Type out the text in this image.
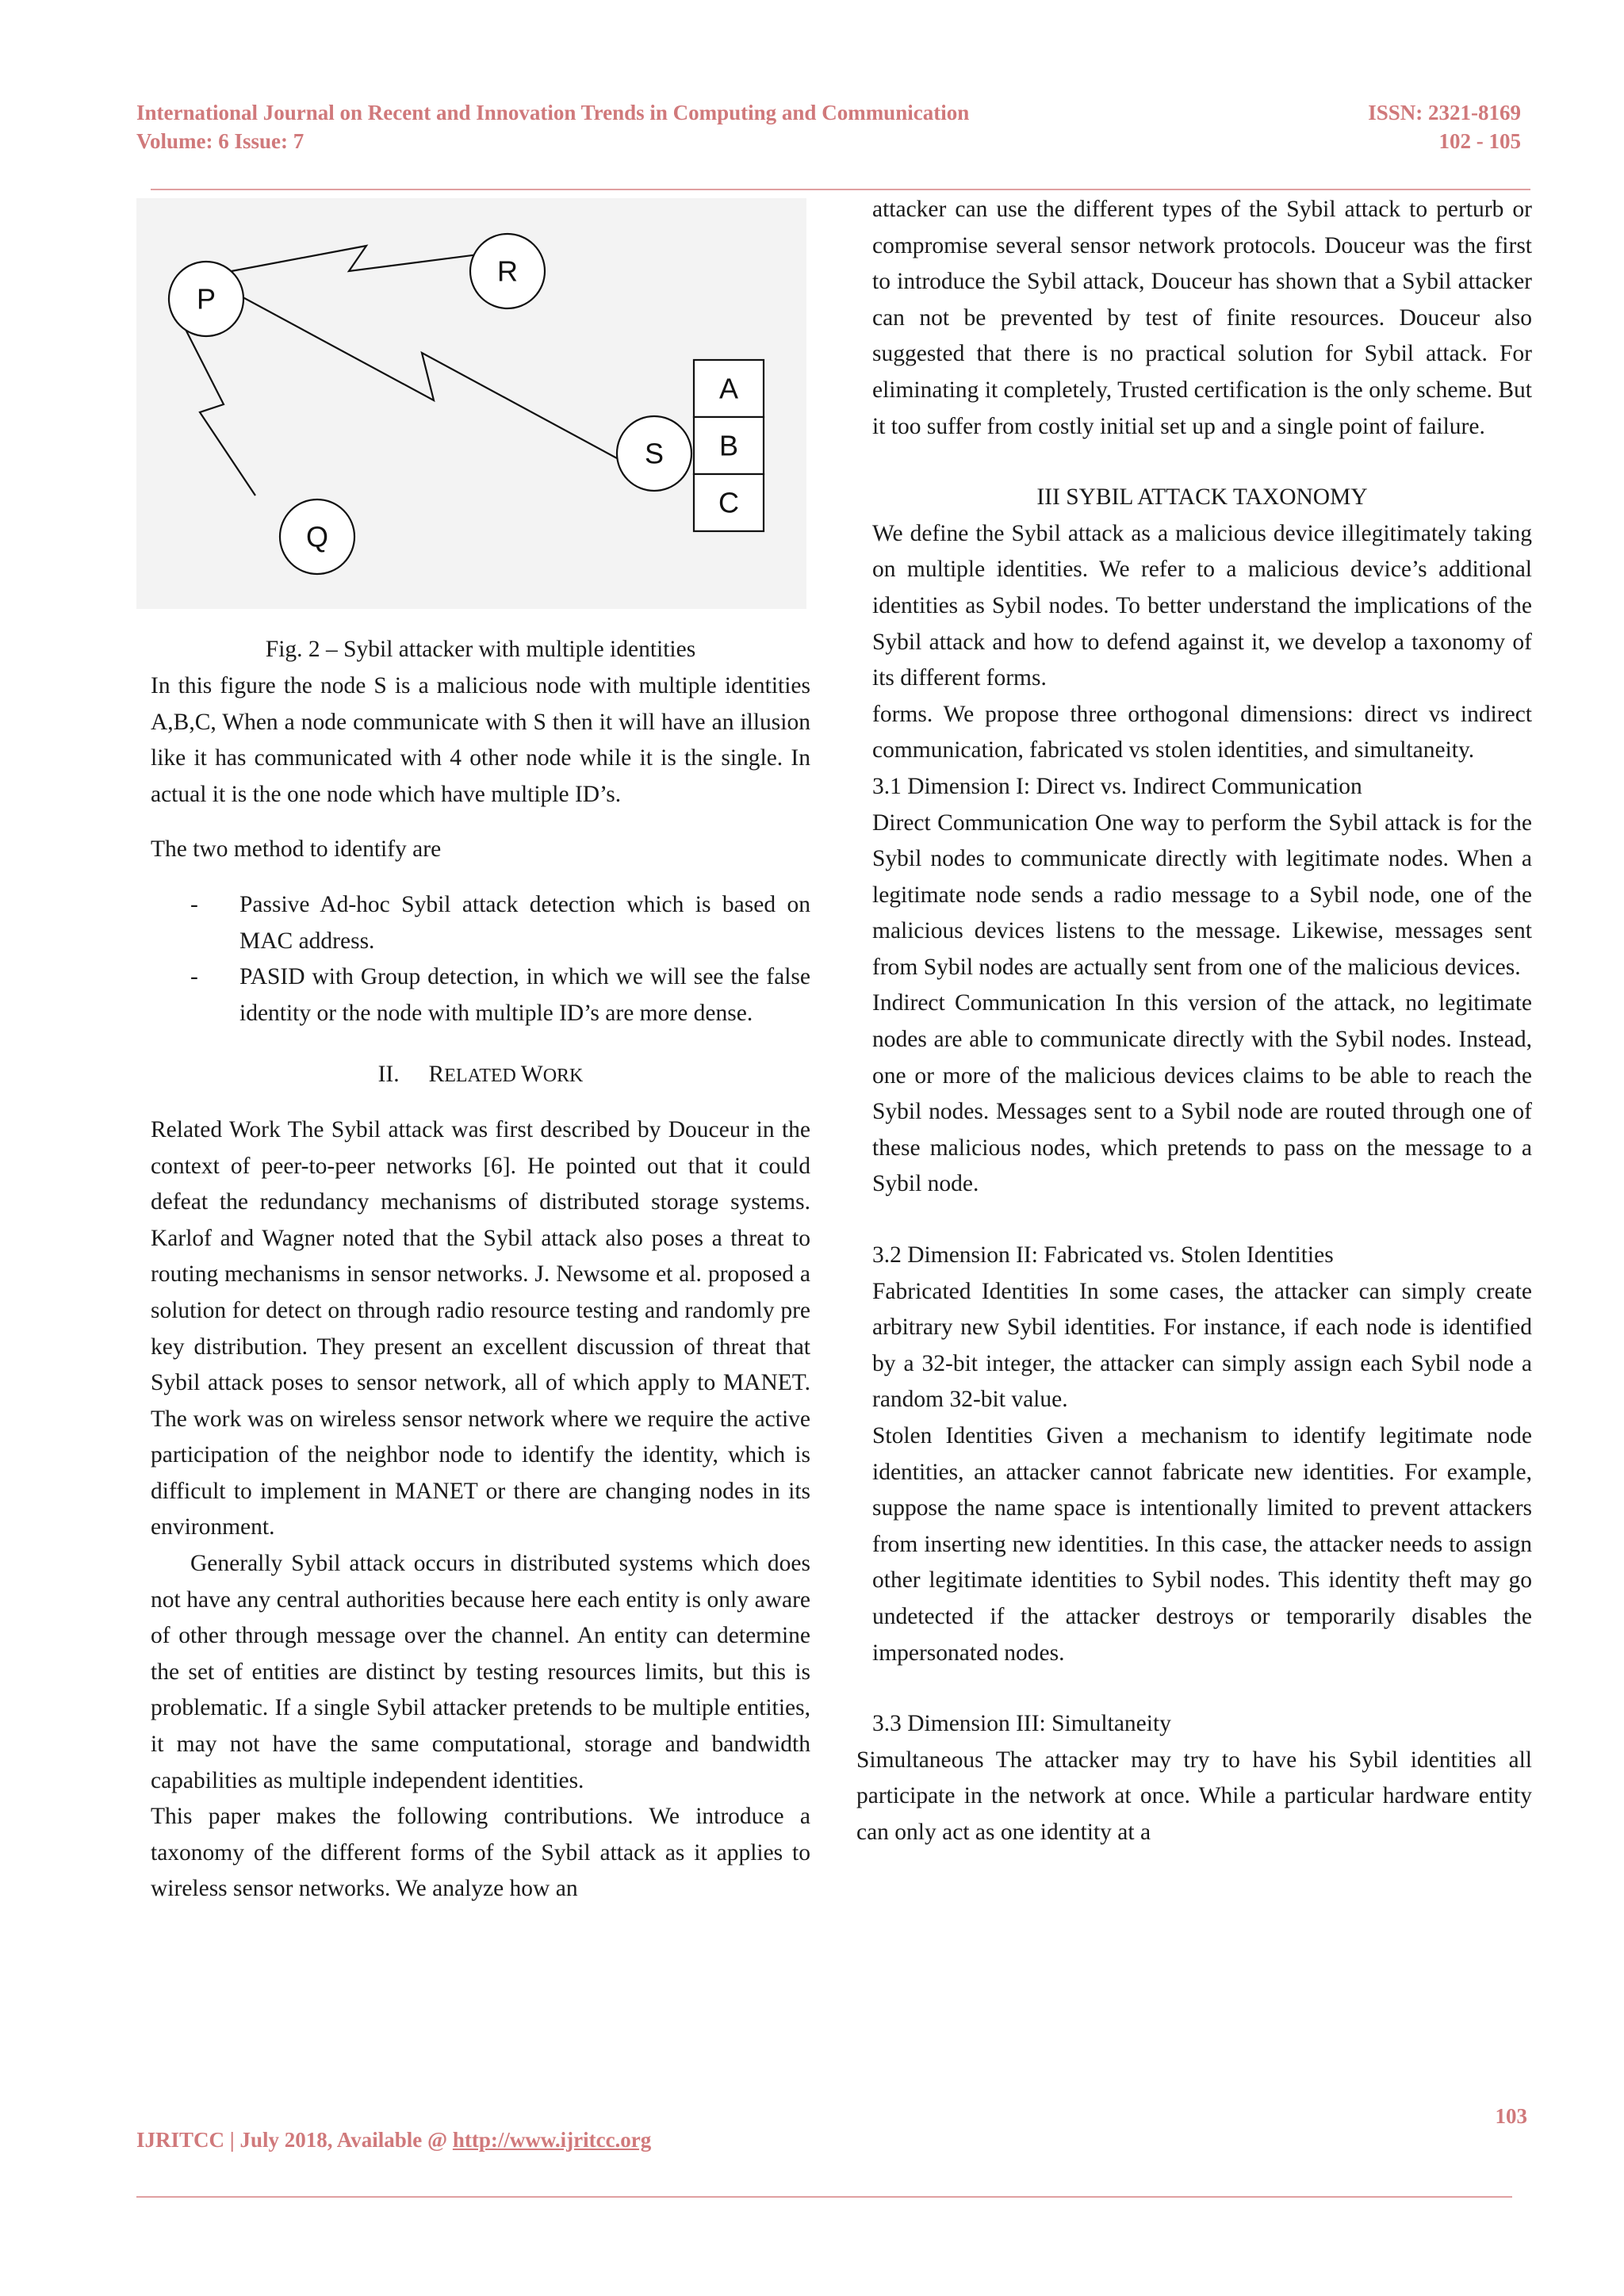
International Journal on Recent and Innovation Trends in Computing and Communication	ISSN: 2321-8169
Volume: 6 Issue: 7	102 - 105
P
R
Q
S
A
B
C
Fig. 2 – Sybil attacker with multiple identities

In this figure the node S is a malicious node with multiple identities A,B,C, When a node communicate with S then it will have an illusion like it has communicated with 4 other node while it is the single. In actual it is the one node which have multiple ID’s.

The two method to identify are

- Passive Ad-hoc Sybil attack detection which is based on MAC address.
- PASID with Group detection, in which we will see the false identity or the node with multiple ID’s are more dense.

II. RELATED WORK

Related Work The Sybil attack was first described by Douceur in the context of peer-to-peer networks [6]. He pointed out that it could defeat the redundancy mechanisms of distributed storage systems. Karlof and Wagner noted that the Sybil attack also poses a threat to routing mechanisms in sensor networks. J. Newsome et al. proposed a solution for detect on through radio resource testing and randomly pre key distribution. They present an excellent discussion of threat that Sybil attack poses to sensor network, all of which apply to MANET. The work was on wireless sensor network where we require the active participation of the neighbor node to identify the identity, which is difficult to implement in MANET or there are changing nodes in its environment.

Generally Sybil attack occurs in distributed systems which does not have any central authorities because here each entity is only aware of other through message over the channel. An entity can determine the set of entities are distinct by testing resources limits, but this is problematic. If a single Sybil attacker pretends to be multiple entities, it may not have the same computational, storage and bandwidth capabilities as multiple independent identities.

This paper makes the following contributions. We introduce a taxonomy of the different forms of the Sybil attack as it applies to wireless sensor networks. We analyze how an

attacker can use the different types of the Sybil attack to perturb or compromise several sensor network protocols. Douceur was the first to introduce the Sybil attack, Douceur has shown that a Sybil attacker can not be prevented by test of finite resources. Douceur also suggested that there is no practical solution for Sybil attack. For eliminating it completely, Trusted certification is the only scheme. But it too suffer from costly initial set up and a single point of failure.

III SYBIL ATTACK TAXONOMY

We define the Sybil attack as a malicious device illegitimately taking on multiple identities. We refer to a malicious device’s additional identities as Sybil nodes. To better understand the implications of the Sybil attack and how to defend against it, we develop a taxonomy of its different forms.

forms. We propose three orthogonal dimensions: direct vs indirect communication, fabricated vs stolen identities, and simultaneity.

3.1 Dimension I: Direct vs. Indirect Communication

Direct Communication One way to perform the Sybil attack is for the Sybil nodes to communicate directly with legitimate nodes. When a legitimate node sends a radio message to a Sybil node, one of the malicious devices listens to the message. Likewise, messages sent from Sybil nodes are actually sent from one of the malicious devices.

Indirect Communication In this version of the attack, no legitimate nodes are able to communicate directly with the Sybil nodes. Instead, one or more of the malicious devices claims to be able to reach the Sybil nodes. Messages sent to a Sybil node are routed through one of these malicious nodes, which pretends to pass on the message to a Sybil node.

3.2 Dimension II: Fabricated vs. Stolen Identities

Fabricated Identities In some cases, the attacker can simply create arbitrary new Sybil identities. For instance, if each node is identified by a 32-bit integer, the attacker can simply assign each Sybil node a random 32-bit value.

Stolen Identities Given a mechanism to identify legitimate node identities, an attacker cannot fabricate new identities. For example, suppose the name space is intentionally limited to prevent attackers from inserting new identities. In this case, the attacker needs to assign other legitimate identities to Sybil nodes. This identity theft may go undetected if the attacker destroys or temporarily disables the impersonated nodes.

3.3 Dimension III: Simultaneity

Simultaneous The attacker may try to have his Sybil identities all participate in the network at once. While a particular hardware entity can only act as one identity at a

103
IJRITCC | July 2018, Available @ http://www.ijritcc.org
